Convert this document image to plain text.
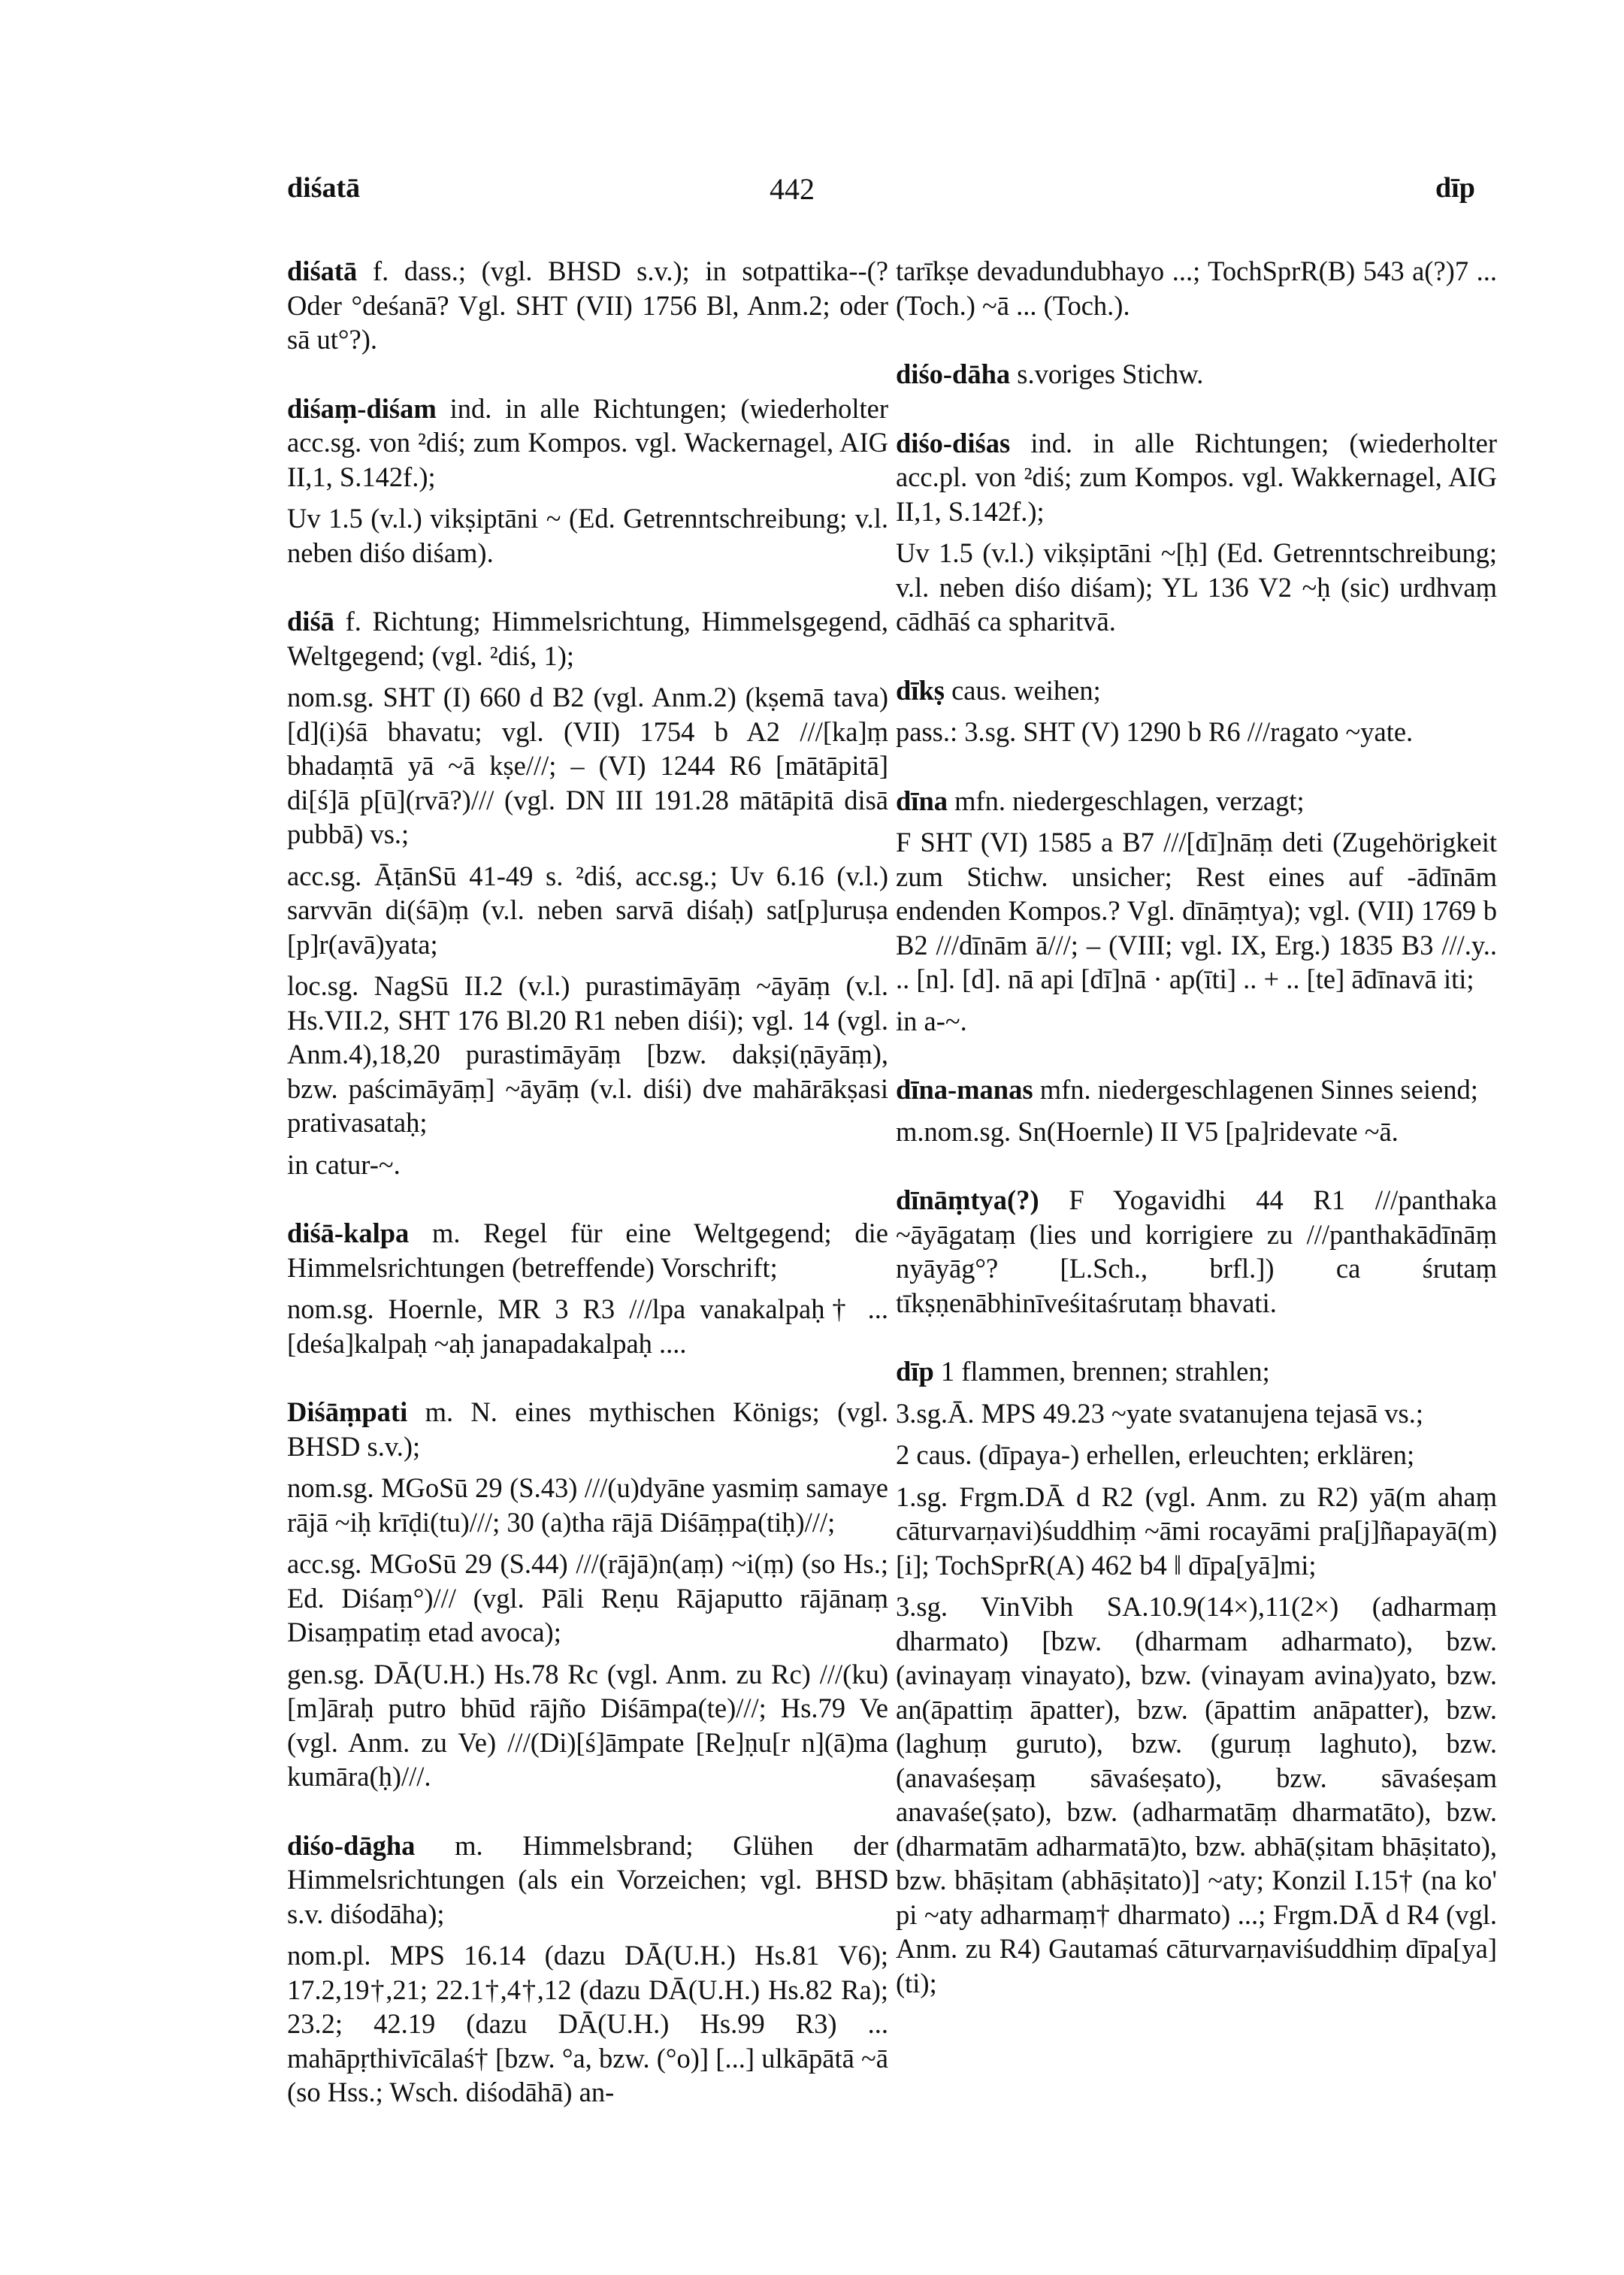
diśatā	442	dīp

diśatā f. dass.; (vgl. BHSD s.v.); in sotpattika--(? Oder °deśanā? Vgl. SHT (VII) 1756 Bl, Anm.2; oder sā ut°?).

diśaṃ-diśam ind. in alle Richtungen; (wiederholter acc.sg. von ²diś; zum Kompos. vgl. Wackernagel, AIG II,1, S.142f.);

Uv 1.5 (v.l.) vikṣiptāni ~ (Ed. Getrenntschreibung; v.l. neben diśo diśam).

diśā f. Richtung; Himmelsrichtung, Himmelsgegend, Weltgegend; (vgl. ²diś, 1);

nom.sg. SHT (I) 660 d B2 (vgl. Anm.2) (kṣemā tava) [d](i)śā bhavatu; vgl. (VII) 1754 b A2 ///[ka]ṃ bhadaṃtā yā ~ā kṣe///; – (VI) 1244 R6 [mātāpitā] di[ś]ā p[ū](rvā?)/// (vgl. DN III 191.28 mātāpitā disā pubbā) vs.;

acc.sg. ĀṭānSū 41-49 s. ²diś, acc.sg.; Uv 6.16 (v.l.) sarvvān di(śā)ṃ (v.l. neben sarvā diśaḥ) sat[p]uruṣa [p]r(avā)yata;

loc.sg. NagSū II.2 (v.l.) purastimāyāṃ ~āyāṃ (v.l. Hs.VII.2, SHT 176 Bl.20 R1 neben diśi); vgl. 14 (vgl. Anm.4),18,20 purastimāyāṃ [bzw. dakṣi(ṇāyāṃ), bzw. paścimāyāṃ] ~āyāṃ (v.l. diśi) dve mahārākṣasi prativasataḥ;

in catur-~.

diśā-kalpa m. Regel für eine Weltgegend; die Himmelsrichtungen (betreffende) Vorschrift;

nom.sg. Hoernle, MR 3 R3 ///lpa vanakalpaḥ† ... [deśa]kalpaḥ ~aḥ janapadakalpaḥ ....

Diśāṃpati m. N. eines mythischen Königs; (vgl. BHSD s.v.);

nom.sg. MGoSū 29 (S.43) ///(u)dyāne yasmiṃ samaye rājā ~iḥ krīḍi(tu)///; 30 (a)tha rājā Diśāṃpa(tiḥ)///;

acc.sg. MGoSū 29 (S.44) ///(rājā)n(aṃ) ~i(ṃ) (so Hs.; Ed. Diśaṃ°)/// (vgl. Pāli Reṇu Rājaputto rājānaṃ Disaṃpatiṃ etad avoca);

gen.sg. DĀ(U.H.) Hs.78 Rc (vgl. Anm. zu Rc) ///(ku)[m]āraḥ putro bhūd rājño Diśāmpa(te)///; Hs.79 Ve (vgl. Anm. zu Ve) ///(Di)[ś]āmpate [Re]ṇu[r n](ā)ma kumāra(ḥ)///.

diśo-dāgha m. Himmelsbrand; Glühen der Himmelsrichtungen (als ein Vorzeichen; vgl. BHSD s.v. diśodāha);

nom.pl. MPS 16.14 (dazu DĀ(U.H.) Hs.81 V6); 17.2,19†,21; 22.1†,4†,12 (dazu DĀ(U.H.) Hs.82 Ra); 23.2; 42.19 (dazu DĀ(U.H.) Hs.99 R3) ... mahāpṛthivīcālaś† [bzw. °a, bzw. (°o)] [...] ulkāpātā ~ā (so Hss.; Wsch. diśodāhā) an-

tarīkṣe devadundubhayo ...; TochSprR(B) 543 a(?)7 ... (Toch.) ~ā ... (Toch.).

diśo-dāha s.voriges Stichw.

diśo-diśas ind. in alle Richtungen; (wiederholter acc.pl. von ²diś; zum Kompos. vgl. Wakkernagel, AIG II,1, S.142f.);

Uv 1.5 (v.l.) vikṣiptāni ~[ḥ] (Ed. Getrenntschreibung; v.l. neben diśo diśam); YL 136 V2 ~ḥ (sic) urdhvaṃ cādhāś ca spharitvā.

dīkṣ caus. weihen;

pass.: 3.sg. SHT (V) 1290 b R6 ///ragato ~yate.

dīna mfn. niedergeschlagen, verzagt;

F SHT (VI) 1585 a B7 ///[dī]nāṃ deti (Zugehörigkeit zum Stichw. unsicher; Rest eines auf -ādīnām endenden Kompos.? Vgl. dīnāṃtya); vgl. (VII) 1769 b B2 ///dīnām ā///; – (VIII; vgl. IX, Erg.) 1835 B3 ///.y.. .. [n]. [d]. nā api [dī]nā · ap(īti] .. + .. [te] ādīnavā iti;

in a-~.

dīna-manas mfn. niedergeschlagenen Sinnes seiend;

m.nom.sg. Sn(Hoernle) II V5 [pa]ridevate ~ā.

dīnāṃtya(?) F Yogavidhi 44 R1 ///panthaka ~āyāgataṃ (lies und korrigiere zu ///panthakādīnāṃ nyāyāg°? [L.Sch., brfl.]) ca śrutaṃ tīkṣṇenābhinīveśitaśrutaṃ bhavati.

dīp 1 flammen, brennen; strahlen;

3.sg.Ā. MPS 49.23 ~yate svatanujena tejasā vs.;

2 caus. (dīpaya-) erhellen, erleuchten; erklären;

1.sg. Frgm.DĀ d R2 (vgl. Anm. zu R2) yā(m ahaṃ cāturvarṇavi)śuddhiṃ ~āmi rocayāmi pra[j]ñapayā(m)[i]; TochSprR(A) 462 b4 ‖ dīpa[yā]mi;

3.sg. VinVibh SA.10.9(14×),11(2×) (adharmaṃ dharmato) [bzw. (dharmam adharmato), bzw. (avinayaṃ vinayato), bzw. (vinayam avina)yato, bzw. an(āpattiṃ āpatter), bzw. (āpattim anāpatter), bzw. (laghuṃ guruto), bzw. (guruṃ laghuto), bzw. (anavaśeṣaṃ sāvaśeṣato), bzw. sāvaśeṣam anavaśe(ṣato), bzw. (adharmatāṃ dharmatāto), bzw. (dharmatām adharmatā)to, bzw. abhā(ṣitam bhāṣitato), bzw. bhāṣitam (abhāṣitato)] ~aty; Konzil I.15† (na ko' pi ~aty adharmaṃ† dharmato) ...; Frgm.DĀ d R4 (vgl. Anm. zu R4) Gautamaś cāturvarṇaviśuddhiṃ dīpa[ya](ti);
